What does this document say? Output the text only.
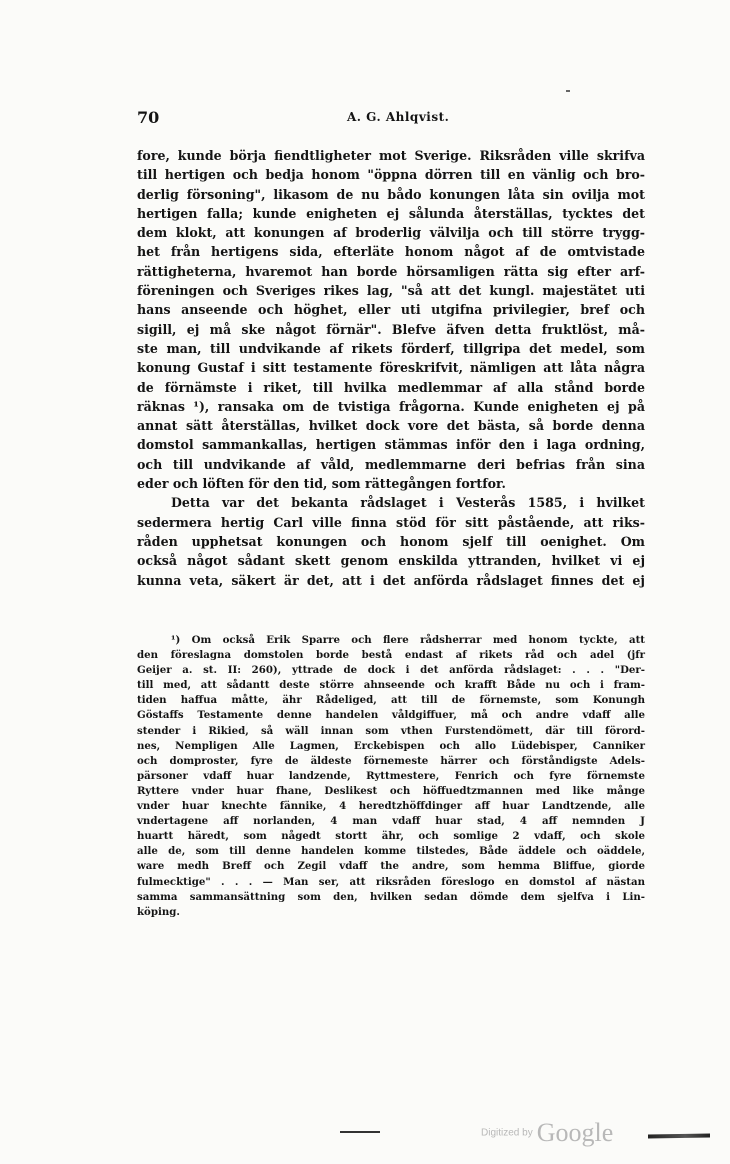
70	A. G. Ahlqvist.
fore, kunde börja fiendtligheter mot Sverige. Riksråden ville skrifva
till hertigen och bedja honom "öppna dörren till en vänlig och bro-
derlig försoning", likasom de nu bådo konungen låta sin ovilja mot
hertigen falla; kunde enigheten ej sålunda återställas, tycktes det
dem klokt, att konungen af broderlig välvilja och till större trygg-
het från hertigens sida, efterläte honom något af de omtvistade
rättigheterna, hvaremot han borde hörsamligen rätta sig efter arf-
föreningen och Sveriges rikes lag, "så att det kungl. majestätet uti
hans anseende och höghet, eller uti utgifna privilegier, bref och
sigill, ej må ske något förnär". Blefve äfven detta fruktlöst, må-
ste man, till undvikande af rikets förderf, tillgripa det medel, som
konung Gustaf i sitt testamente föreskrifvit, nämligen att låta några
de förnämste i riket, till hvilka medlemmar af alla stånd borde
räknas ¹), ransaka om de tvistiga frågorna. Kunde enigheten ej på
annat sätt återställas, hvilket dock vore det bästa, så borde denna
domstol sammankallas, hertigen stämmas inför den i laga ordning,
och till undvikande af våld, medlemmarne deri befrias från sina
eder och löften för den tid, som rättegången fortfor.
Detta var det bekanta rådslaget i Vesterås 1585, i hvilket
sedermera hertig Carl ville finna stöd för sitt påstående, att riks-
råden upphetsat konungen och honom sjelf till oenighet. Om
också något sådant skett genom enskilda yttranden, hvilket vi ej
kunna veta, säkert är det, att i det anförda rådslaget finnes det ej
¹) Om också Erik Sparre och flere rådsherrar med honom tyckte, att
den föreslagna domstolen borde bestå endast af rikets råd och adel (jfr
Geijer a. st. II: 260), yttrade de dock i det anförda rådslaget: . . . "Der-
till med, att sådantt deste större ahnseende och krafft Både nu och i fram-
tiden haffua måtte, ähr Rådeliged, att till de förnemste, som Konungh
Göstaffs Testamente denne handelen våldgiffuer, må och andre vdaff alle
stender i Rikied, så wäll innan som vthen Furstendömett, där till förord-
nes, Nempligen Alle Lagmen, Erckebispen och allo Lüdebisper, Canniker
och domproster, fyre de äldeste förnemeste härrer och förståndigste Adels-
pärsoner vdaff huar landzende, Ryttmestere, Fenrich och fyre förnemste
Ryttere vnder huar fhane, Deslikest och höffuedtzmannen med like månge
vnder huar knechte fännike, 4 heredtzhöffdinger aff huar Landtzende, alle
vndertagene aff norlanden, 4 man vdaff huar stad, 4 aff nemnden J
huartt häredt, som någedt stortt ähr, och somlige 2 vdaff, och skole
alle de, som till denne handelen komme tilstedes, Både äddele och oäddele,
ware medh Breff och Zegil vdaff the andre, som hemma Bliffue, giorde
fulmecktige" . . . — Man ser, att riksråden föreslogo en domstol af nästan
samma sammansättning som den, hvilken sedan dömde dem sjelfva i Lin-
köping.
Digitized by Google
